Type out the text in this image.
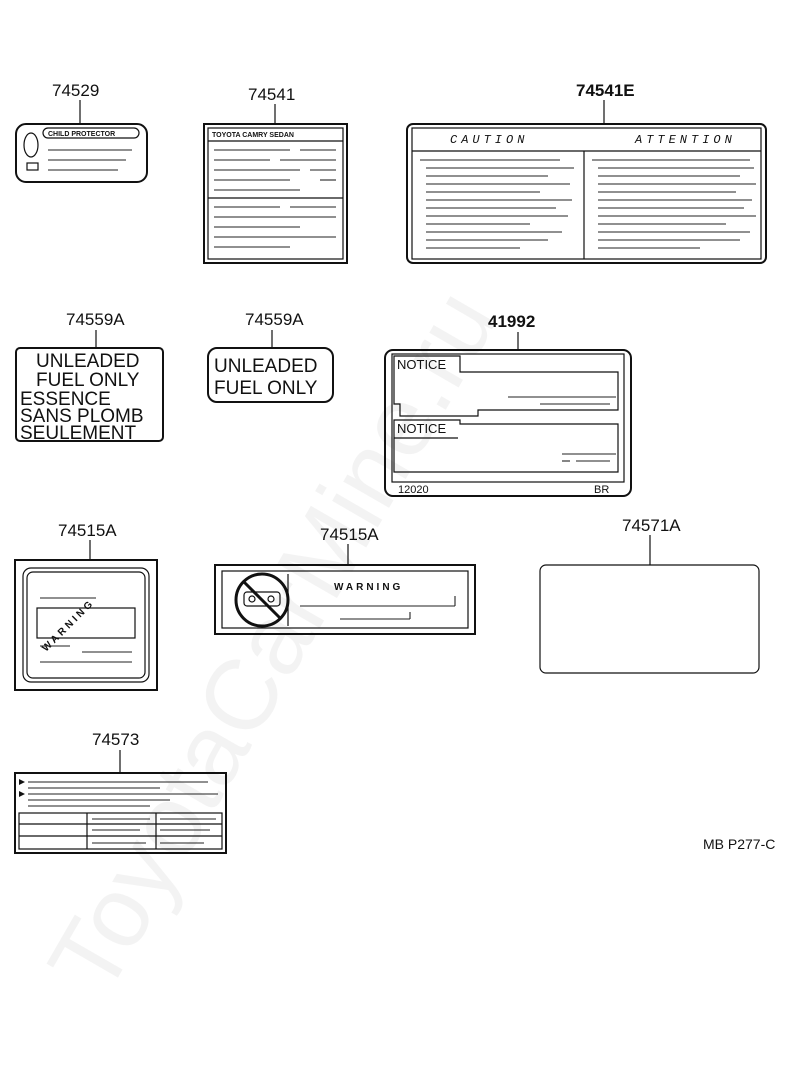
74529
CHILD PROTECTOR
74541
TOYOTA CAMRY SEDAN
74541E
CAUTION	ATTENTION
74559A
UNLEADED
FUEL ONLY
ESSENCE
SANS PLOMB
SEULEMENT
74559A
UNLEADED
FUEL ONLY
41992
NOTICE
NOTICE
12020	BR
74515A
WARNING
74515A
WARNING
74571A
74573
MB P277-C
